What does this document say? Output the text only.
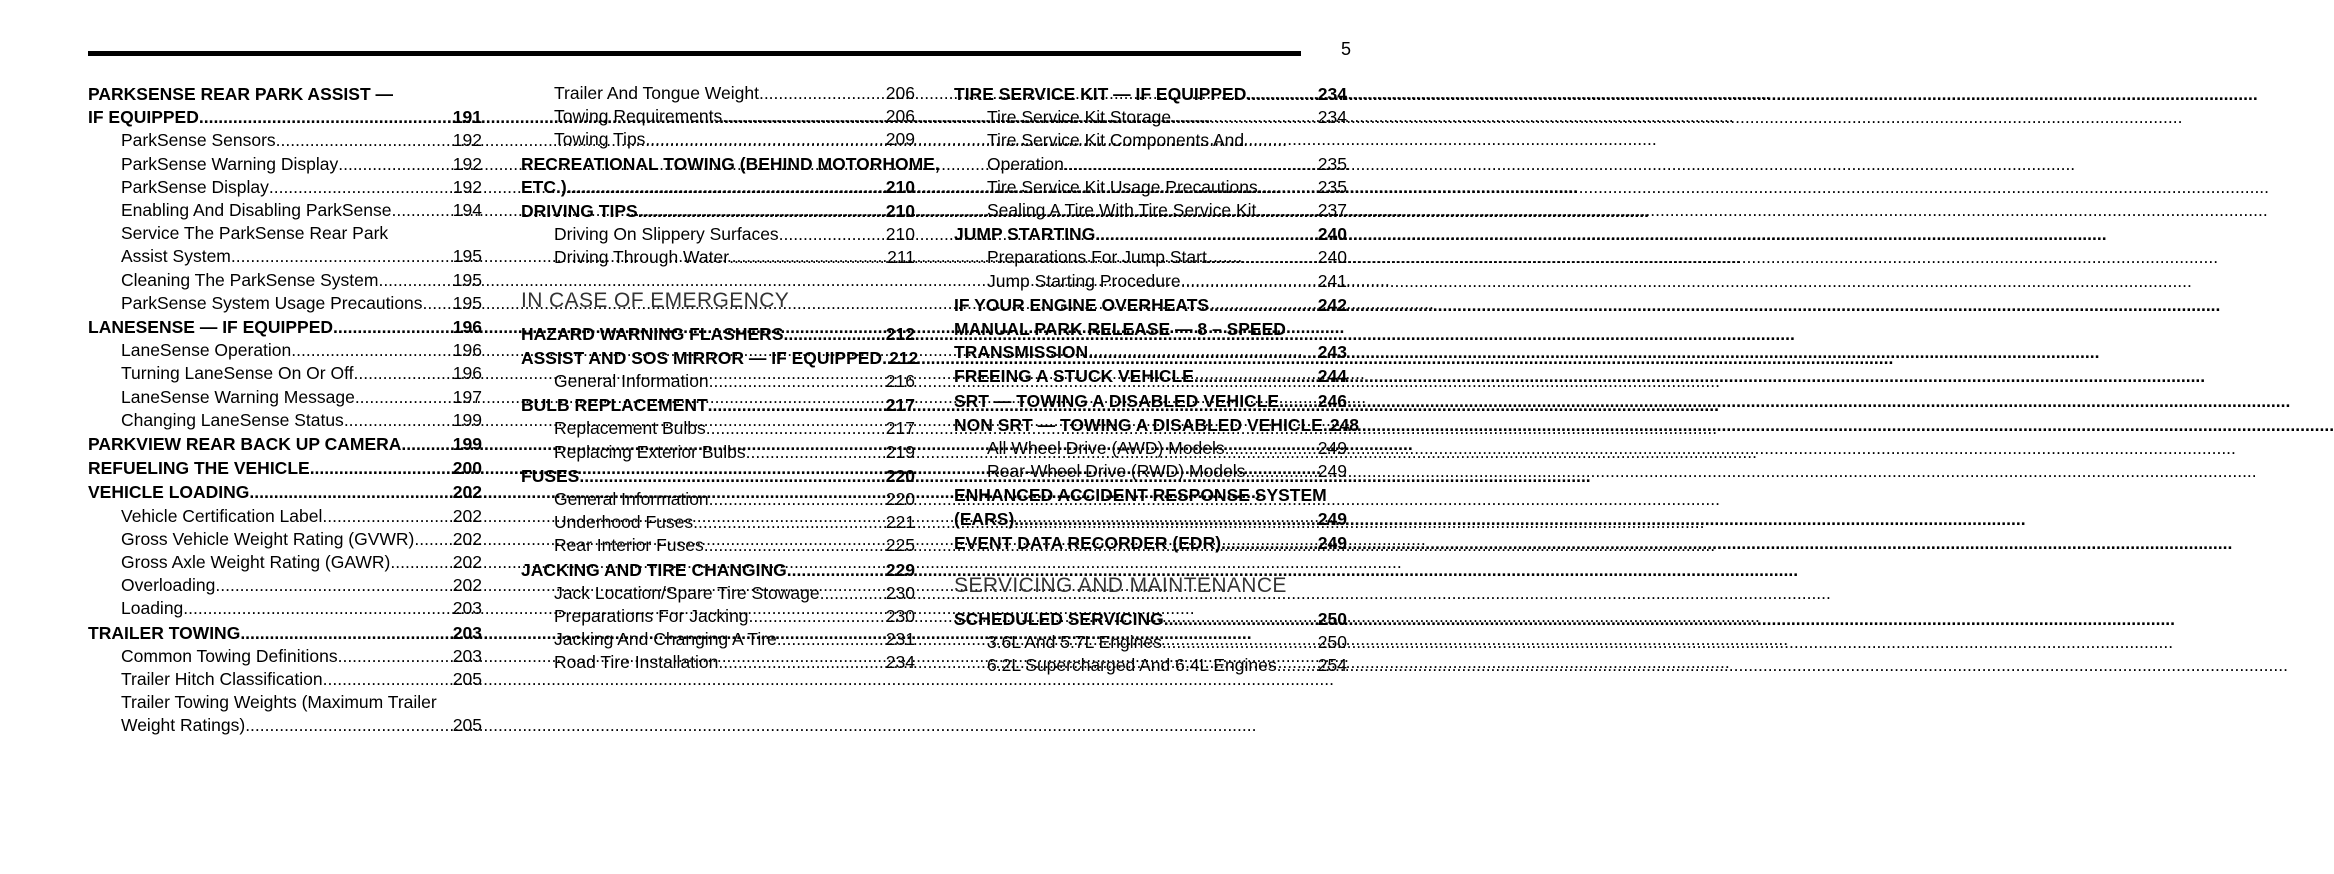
5
PARKSENSE REAR PARK ASSIST —
IF EQUIPPED .....	191
ParkSense Sensors .....	192
ParkSense Warning Display .....	192
ParkSense Display .....	192
Enabling And Disabling ParkSense .....	194
Service The ParkSense Rear Park
Assist System .....	195
Cleaning The ParkSense System .....	195
ParkSense System Usage Precautions ..... 195
LANESENSE — IF EQUIPPED .....	196
LaneSense Operation .....	196
Turning LaneSense On Or Off .....	196
LaneSense Warning Message .....	197
Changing LaneSense Status .....	199
PARKVIEW REAR BACK UP CAMERA .....	199
REFUELING THE VEHICLE .....	200
VEHICLE LOADING .....	202
Vehicle Certification Label .....	202
Gross Vehicle Weight Rating (GVWR) ..... 202
Gross Axle Weight Rating (GAWR) .....	202
Overloading .....	202
Loading .....	203
TRAILER TOWING .....	203
Common Towing Definitions .....	203
Trailer Hitch Classification .....	205
Trailer Towing Weights (Maximum Trailer
Weight Ratings) .....	205
Trailer And Tongue Weight .....	206
Towing Requirements .....	206
Towing Tips .....	209
RECREATIONAL TOWING (BEHIND MOTORHOME,
ETC.) .....	210
DRIVING TIPS .....	210
Driving On Slippery Surfaces .....	210
Driving Through Water .....	211
IN CASE OF EMERGENCY
HAZARD WARNING FLASHERS .....	212
ASSIST AND SOS MIRROR — IF EQUIPPED ..... 212
General Information .....	216
BULB REPLACEMENT .....	217
Replacement Bulbs .....	217
Replacing Exterior Bulbs .....	219
FUSES .....	220
General Information .....	220
Underhood Fuses .....	221
Rear Interior Fuses .....	225
JACKING AND TIRE CHANGING .....	229
Jack Location/Spare Tire Stowage .....	230
Preparations For Jacking .....	230
Jacking And Changing A Tire .....	231
Road Tire Installation .....	234
TIRE SERVICE KIT — IF EQUIPPED .....	234
Tire Service Kit Storage .....	234
Tire Service Kit Components And
Operation .....	235
Tire Service Kit Usage Precautions .....	235
Sealing A Tire With Tire Service Kit .....	237
JUMP STARTING .....	240
Preparations For Jump Start .....	240
Jump Starting Procedure .....	241
IF YOUR ENGINE OVERHEATS .....	242
MANUAL PARK RELEASE — 8 – SPEED
TRANSMISSION .....	243
FREEING A STUCK VEHICLE .....	244
SRT — TOWING A DISABLED VEHICLE ..... 246
NON SRT — TOWING A DISABLED VEHICLE ..... 248
All Wheel Drive (AWD) Models .....	249
Rear-Wheel Drive (RWD) Models .....	249
ENHANCED ACCIDENT RESPONSE SYSTEM
(EARS) .....	249
EVENT DATA RECORDER (EDR) .....	249
SERVICING AND MAINTENANCE
SCHEDULED SERVICING .....	250
3.6L And 5.7L Engines .....	250
6.2L Supercharged And 6.4L Engines ..... 254
